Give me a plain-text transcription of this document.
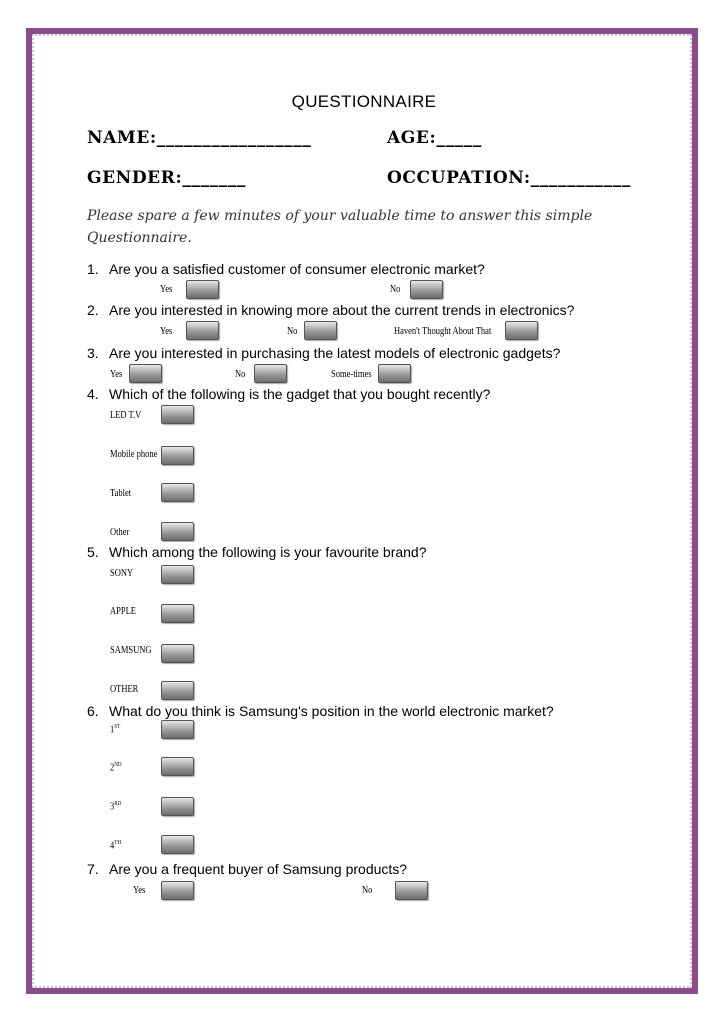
QUESTIONNAIRE
NAME:_________________	AGE:_____
GENDER:_______	OCCUPATION:___________
Please spare a few minutes of your valuable time to answer this simple Questionnaire.
1. Are you a satisfied customer of consumer electronic market?
Yes	No
2. Are you interested in knowing more about the current trends in electronics?
Yes	No	Haven't Thought About That
3. Are you interested in purchasing the latest models of electronic gadgets?
Yes	No	Some-times
4. Which of the following is the gadget that you bought recently?
LED T.V
Mobile phone
Tablet
Other
5. Which among the following is your favourite brand?
SONY
APPLE
SAMSUNG
OTHER
6. What do you think is Samsung's position in the world electronic market?
1ST
2ND
3RD
4TH
7. Are you a frequent buyer of Samsung products?
Yes	No
